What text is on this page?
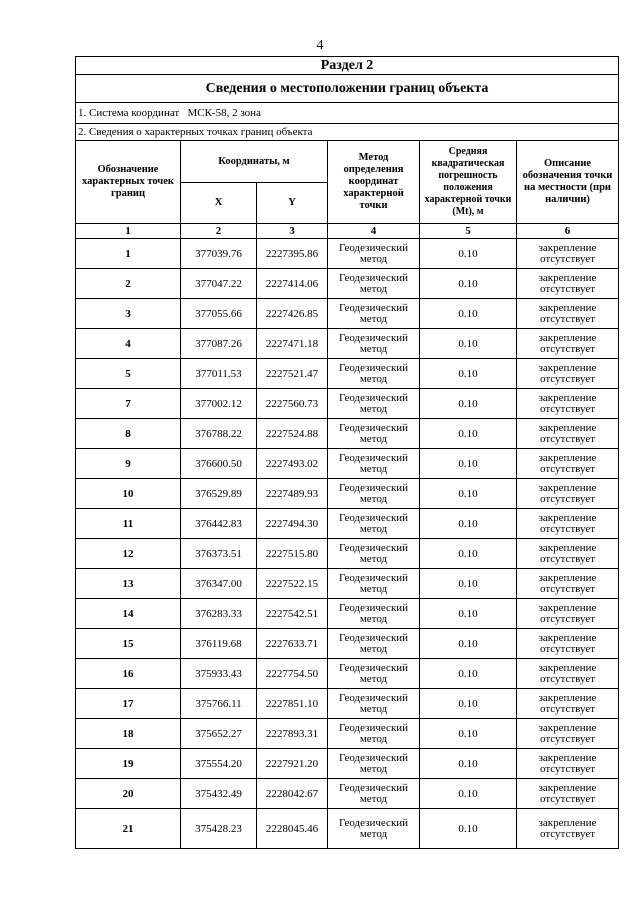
4
Раздел 2					
Сведения о местоположении границ объекта					
1. Система координат   МСК-58, 2 зона					
2. Сведения о характерных точках границ объекта					
Обозначение характерных точек границ	Координаты, м		Метод определения координат характерной точки	Средняя квадратическая погрешность положения характерной точки (Mt), м	Описание обозначения точки на местности (при наличии)
	X	Y			
1	2	3	4	5	6
1	377039.76	2227395.86	Геодезический метод	0.10	закрепление отсутствует
2	377047.22	2227414.06	Геодезический метод	0.10	закрепление отсутствует
3	377055.66	2227426.85	Геодезический метод	0.10	закрепление отсутствует
4	377087.26	2227471.18	Геодезический метод	0.10	закрепление отсутствует
5	377011.53	2227521.47	Геодезический метод	0.10	закрепление отсутствует
7	377002.12	2227560.73	Геодезический метод	0.10	закрепление отсутствует
8	376788.22	2227524.88	Геодезический метод	0.10	закрепление отсутствует
9	376600.50	2227493.02	Геодезический метод	0.10	закрепление отсутствует
10	376529.89	2227489.93	Геодезический метод	0.10	закрепление отсутствует
11	376442.83	2227494.30	Геодезический метод	0.10	закрепление отсутствует
12	376373.51	2227515.80	Геодезический метод	0.10	закрепление отсутствует
13	376347.00	2227522.15	Геодезический метод	0.10	закрепление отсутствует
14	376283.33	2227542.51	Геодезический метод	0.10	закрепление отсутствует
15	376119.68	2227633.71	Геодезический метод	0.10	закрепление отсутствует
16	375933.43	2227754.50	Геодезический метод	0.10	закрепление отсутствует
17	375766.11	2227851.10	Геодезический метод	0.10	закрепление отсутствует
18	375652.27	2227893.31	Геодезический метод	0.10	закрепление отсутствует
19	375554.20	2227921.20	Геодезический метод	0.10	закрепление отсутствует
20	375432.49	2228042.67	Геодезический метод	0.10	закрепление отсутствует
21	375428.23	2228045.46	Геодезический метод	0.10	закрепление отсутствует
